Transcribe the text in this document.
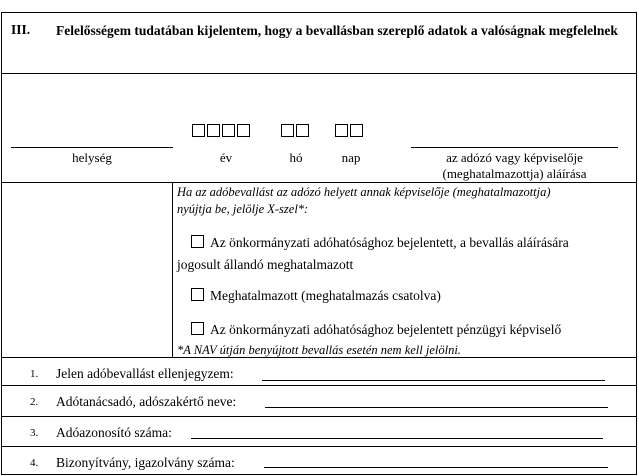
III. Felelősségem tudatában kijelentem, hogy a bevallásban szereplő adatok a valóságnak megfelelnek
helység	év	hó	nap	az adózó vagy képviselője
(meghatalmazottja) aláírása
Ha az adóbevallást az adózó helyett annak képviselője (meghatalmazottja)
nyújtja be, jelölje X-szel*:
Az önkormányzati adóhatósághoz bejelentett, a bevallás aláírására
jogosult állandó meghatalmazott
Meghatalmazott (meghatalmazás csatolva)
Az önkormányzati adóhatósághoz bejelentett pénzügyi képviselő
*A NAV útján benyújtott bevallás esetén nem kell jelölni.
1. Jelen adóbevallást ellenjegyzem:
2. Adótanácsadó, adószakértő neve:
3. Adóazonosító száma:
4. Bizonyítvány, igazolvány száma:
